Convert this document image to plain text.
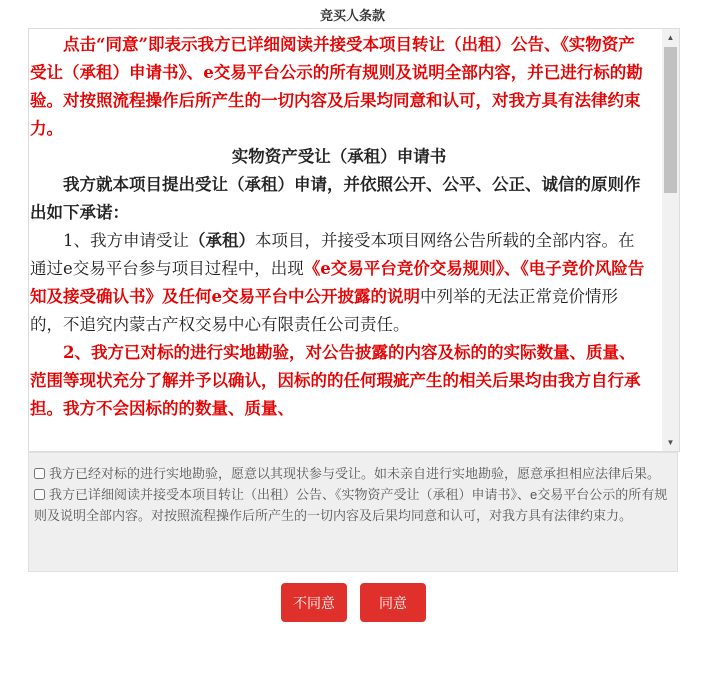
竞买人条款

点击“同意”即表示我方已详细阅读并接受本项目转让（出租）公告、《实物资产受让（承租）申请书》、e交易平台公示的所有规则及说明全部内容，并已进行标的勘验。对按照流程操作后所产生的一切内容及后果均同意和认可，对我方具有法律约束力。

实物资产受让（承租）申请书

我方就本项目提出受让（承租）申请，并依照公开、公平、公正、诚信的原则作出如下承诺：

1、我方申请受让（承租）本项目，并接受本项目网络公告所载的全部内容。在通过e交易平台参与项目过程中，出现《e交易平台竞价交易规则》、《电子竞价风险告知及接受确认书》及任何e交易平台中公开披露的说明中列举的无法正常竞价情形的，不追究内蒙古产权交易中心有限责任公司责任。

2、我方已对标的进行实地勘验，对公告披露的内容及标的的实际数量、质量、范围等现状充分了解并予以确认，因标的的任何瑕疵产生的相关后果均由我方自行承担。我方不会因标的的数量、质量、

▲
▼
我方已经对标的进行实地勘验，愿意以其现状参与受让。如未亲自进行实地勘验，愿意承担相应法律后果。
我方已详细阅读并接受本项目转让（出租）公告、《实物资产受让（承租）申请书》、e交易平台公示的所有规则及说明全部内容。对按照流程操作后所产生的一切内容及后果均同意和认可，对我方具有法律约束力。
不同意	同意
